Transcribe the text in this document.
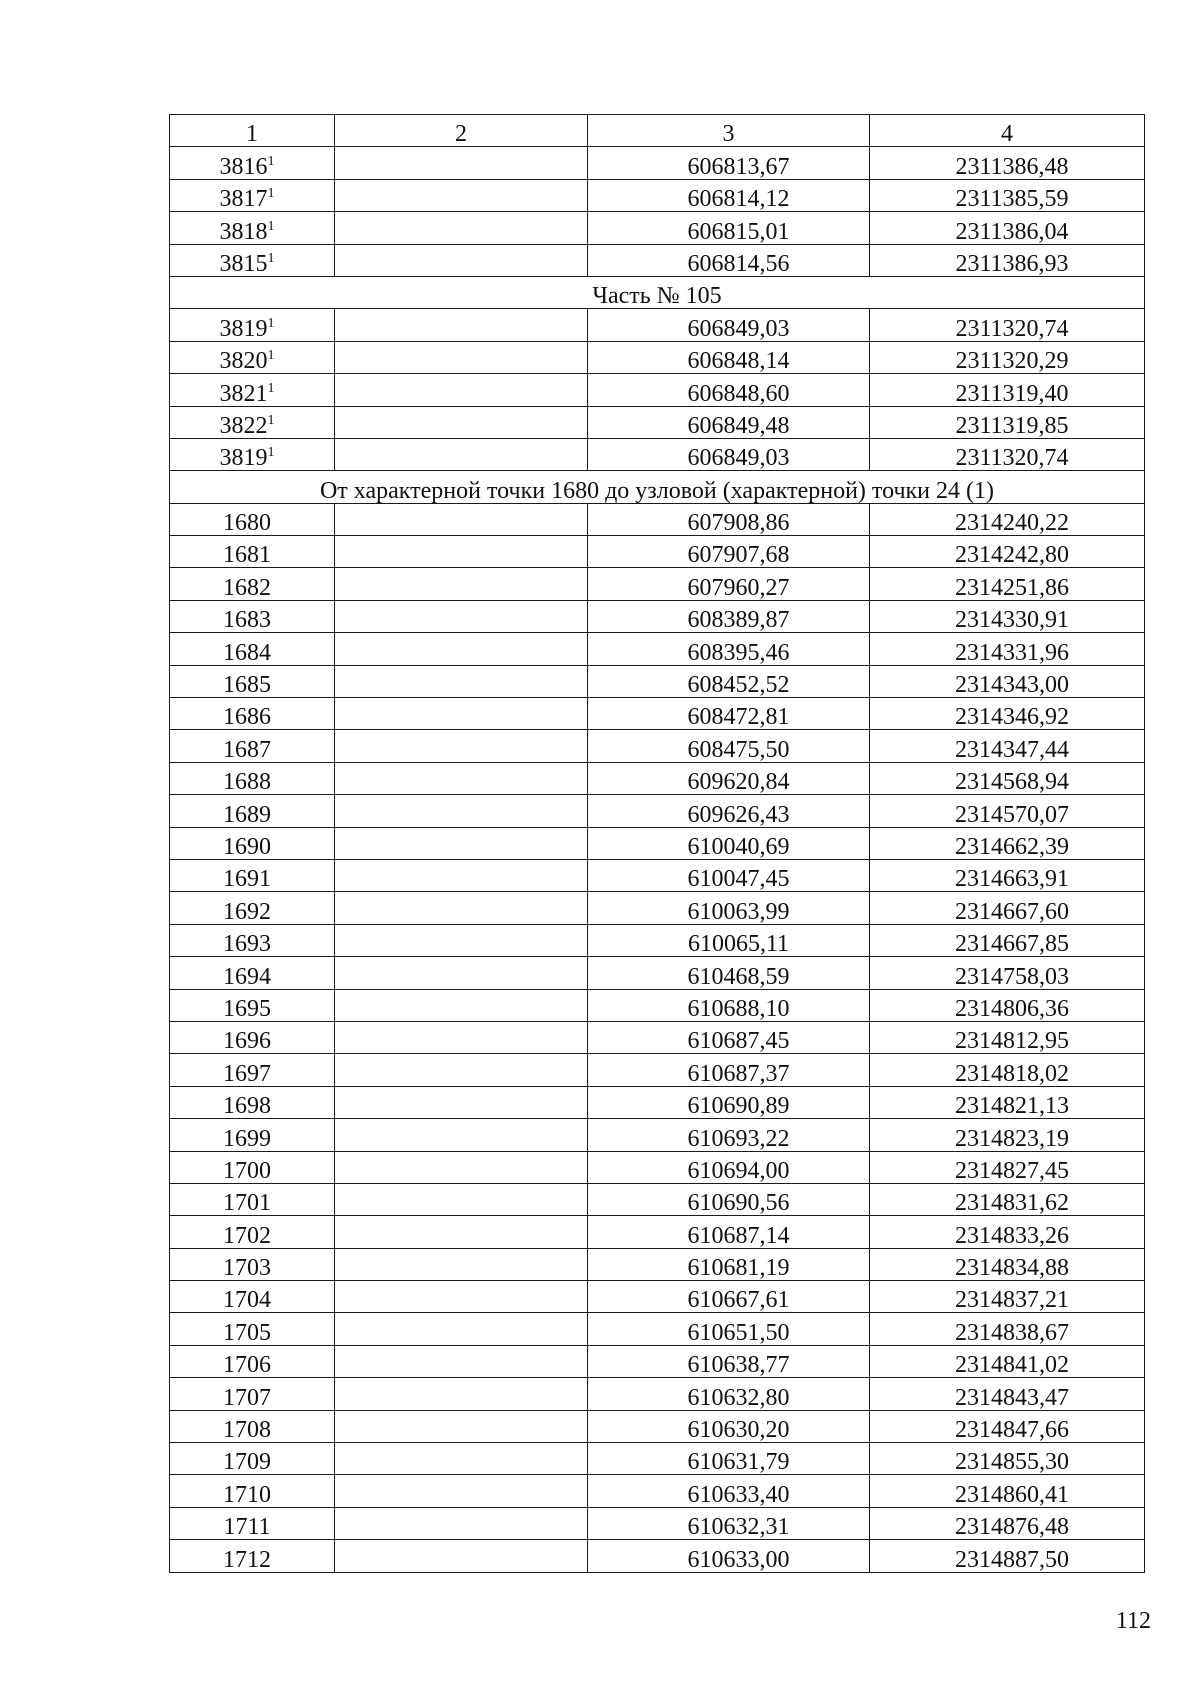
1	2	3	4
3816$^1$		606813,67	2311386,48
3817$^1$		606814,12	2311385,59
3818$^1$		606815,01	2311386,04
3815$^1$		606814,56	2311386,93
Часть № 105			
3819$^1$		606849,03	2311320,74
3820$^1$		606848,14	2311320,29
3821$^1$		606848,60	2311319,40
3822$^1$		606849,48	2311319,85
3819$^1$		606849,03	2311320,74
От характерной точки 1680 до узловой (характерной) точки 24 (1)			
1680		607908,86	2314240,22
1681		607907,68	2314242,80
1682		607960,27	2314251,86
1683		608389,87	2314330,91
1684		608395,46	2314331,96
1685		608452,52	2314343,00
1686		608472,81	2314346,92
1687		608475,50	2314347,44
1688		609620,84	2314568,94
1689		609626,43	2314570,07
1690		610040,69	2314662,39
1691		610047,45	2314663,91
1692		610063,99	2314667,60
1693		610065,11	2314667,85
1694		610468,59	2314758,03
1695		610688,10	2314806,36
1696		610687,45	2314812,95
1697		610687,37	2314818,02
1698		610690,89	2314821,13
1699		610693,22	2314823,19
1700		610694,00	2314827,45
1701		610690,56	2314831,62
1702		610687,14	2314833,26
1703		610681,19	2314834,88
1704		610667,61	2314837,21
1705		610651,50	2314838,67
1706		610638,77	2314841,02
1707		610632,80	2314843,47
1708		610630,20	2314847,66
1709		610631,79	2314855,30
1710		610633,40	2314860,41
1711		610632,31	2314876,48
1712		610633,00	2314887,50
112
